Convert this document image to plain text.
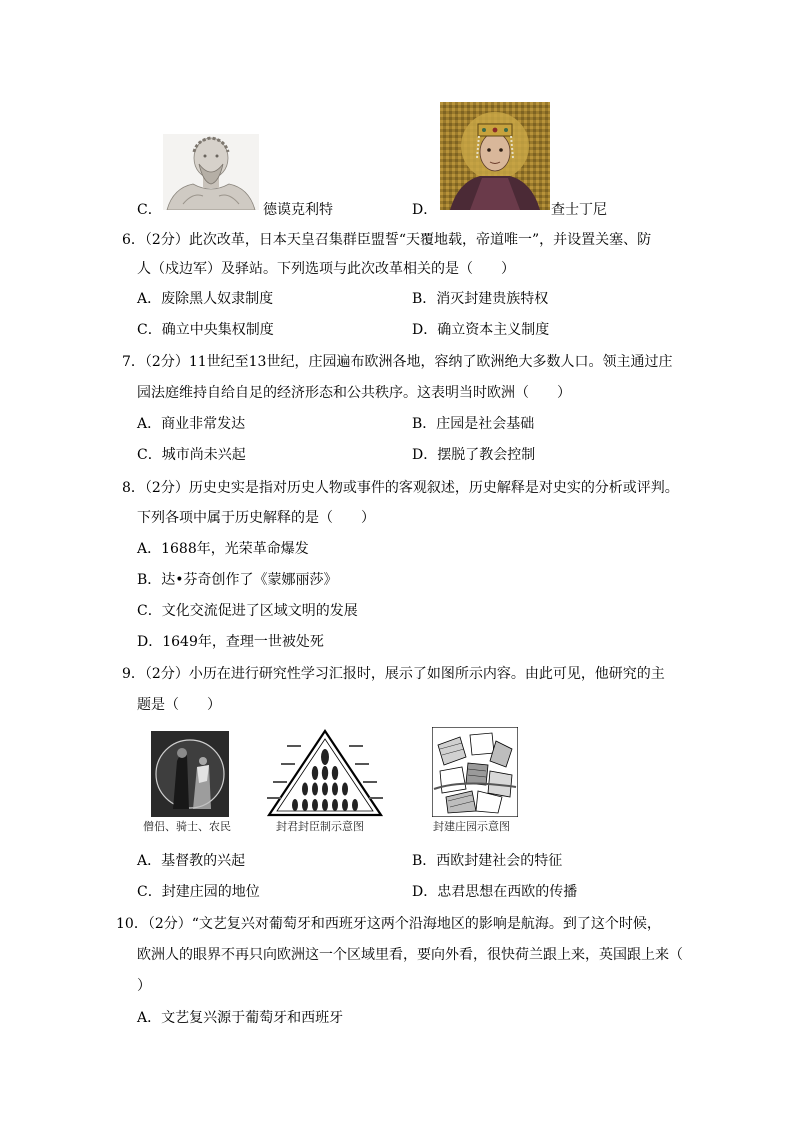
C．	德谟克利特	D．	查士丁尼
6．（2分）此次改革，日本天皇召集群臣盟誓“天覆地载，帝道唯一”，并设置关塞、防
人（戍边军）及驿站。下列选项与此次改革相关的是（　　）
A．废除黑人奴隶制度	B．消灭封建贵族特权
C．确立中央集权制度	D．确立资本主义制度
7．（2分）11世纪至13世纪，庄园遍布欧洲各地，容纳了欧洲绝大多数人口。领主通过庄
园法庭维持自给自足的经济形态和公共秩序。这表明当时欧洲（　　）
A．商业非常发达	B．庄园是社会基础
C．城市尚未兴起	D．摆脱了教会控制
8．（2分）历史史实是指对历史人物或事件的客观叙述，历史解释是对史实的分析或评判。
下列各项中属于历史解释的是（　　）
A．1688年，光荣革命爆发
B．达•芬奇创作了《蒙娜丽莎》
C．文化交流促进了区域文明的发展
D．1649年，查理一世被处死
9．（2分）小历在进行研究性学习汇报时，展示了如图所示内容。由此可见，他研究的主
题是（　　）
僧侣、骑士、农民	封君封臣制示意图	封建庄园示意图
A．基督教的兴起	B．西欧封建社会的特征
C．封建庄园的地位	D．忠君思想在西欧的传播
10．（2分）“文艺复兴对葡萄牙和西班牙这两个沿海地区的影响是航海。到了这个时候，
欧洲人的眼界不再只向欧洲这一个区域里看，要向外看，很快荷兰跟上来，英国跟上来（
）
A．文艺复兴源于葡萄牙和西班牙
